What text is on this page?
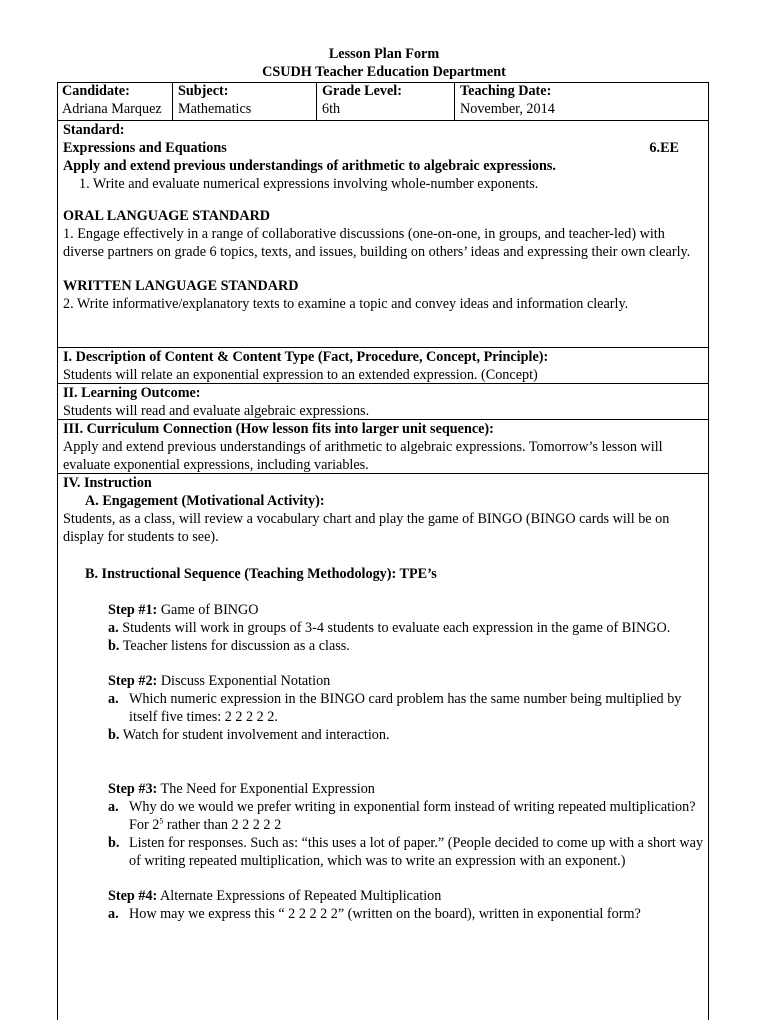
Lesson Plan Form
CSUDH Teacher Education Department
Candidate:
Adriana Marquez
Subject:
Mathematics
Grade Level:
6th
Teaching Date:
November, 2014

Standard:

Expressions and Equations	6.EE

Apply and extend previous understandings of arithmetic to algebraic expressions.

1. Write and evaluate numerical expressions involving whole-number exponents.

ORAL LANGUAGE STANDARD

1. Engage effectively in a range of collaborative discussions (one-on-one, in groups, and teacher-led) with diverse partners on grade 6 topics, texts, and issues, building on others’ ideas and expressing their own clearly.

WRITTEN LANGUAGE STANDARD

2. Write informative/explanatory texts to examine a topic and convey ideas and information clearly.

I. Description of Content & Content Type (Fact, Procedure, Concept, Principle):

Students will relate an exponential expression to an extended expression. (Concept)

II. Learning Outcome:

Students will read and evaluate algebraic expressions.

III. Curriculum Connection (How lesson fits into larger unit sequence):

Apply and extend previous understandings of arithmetic to algebraic expressions. Tomorrow’s lesson will evaluate exponential expressions, including variables.

IV. Instruction

A. Engagement (Motivational Activity):

Students, as a class, will review a vocabulary chart and play the game of BINGO (BINGO cards will be on display for students to see).

B. Instructional Sequence (Teaching Methodology): TPE’s

Step #1: Game of BINGO

a. Students will work in groups of 3-4 students to evaluate each expression in the game of BINGO.

b. Teacher listens for discussion as a class.

Step #2: Discuss Exponential Notation

a. Which numeric expression in the BINGO card problem has the same number being multiplied by itself five times: 2 2 2 2 2.

b. Watch for student involvement and interaction.

Step #3: The Need for Exponential Expression

a. Why do we would we prefer writing in exponential form instead of writing repeated multiplication? For $2^5$ rather than 2 2 2 2 2

b. Listen for responses. Such as: “this uses a lot of paper.” (People decided to come up with a short way of writing repeated multiplication, which was to write an expression with an exponent.)

Step #4: Alternate Expressions of Repeated Multiplication

a. How may we express this “ 2 2 2 2 2” (written on the board), written in exponential form?
